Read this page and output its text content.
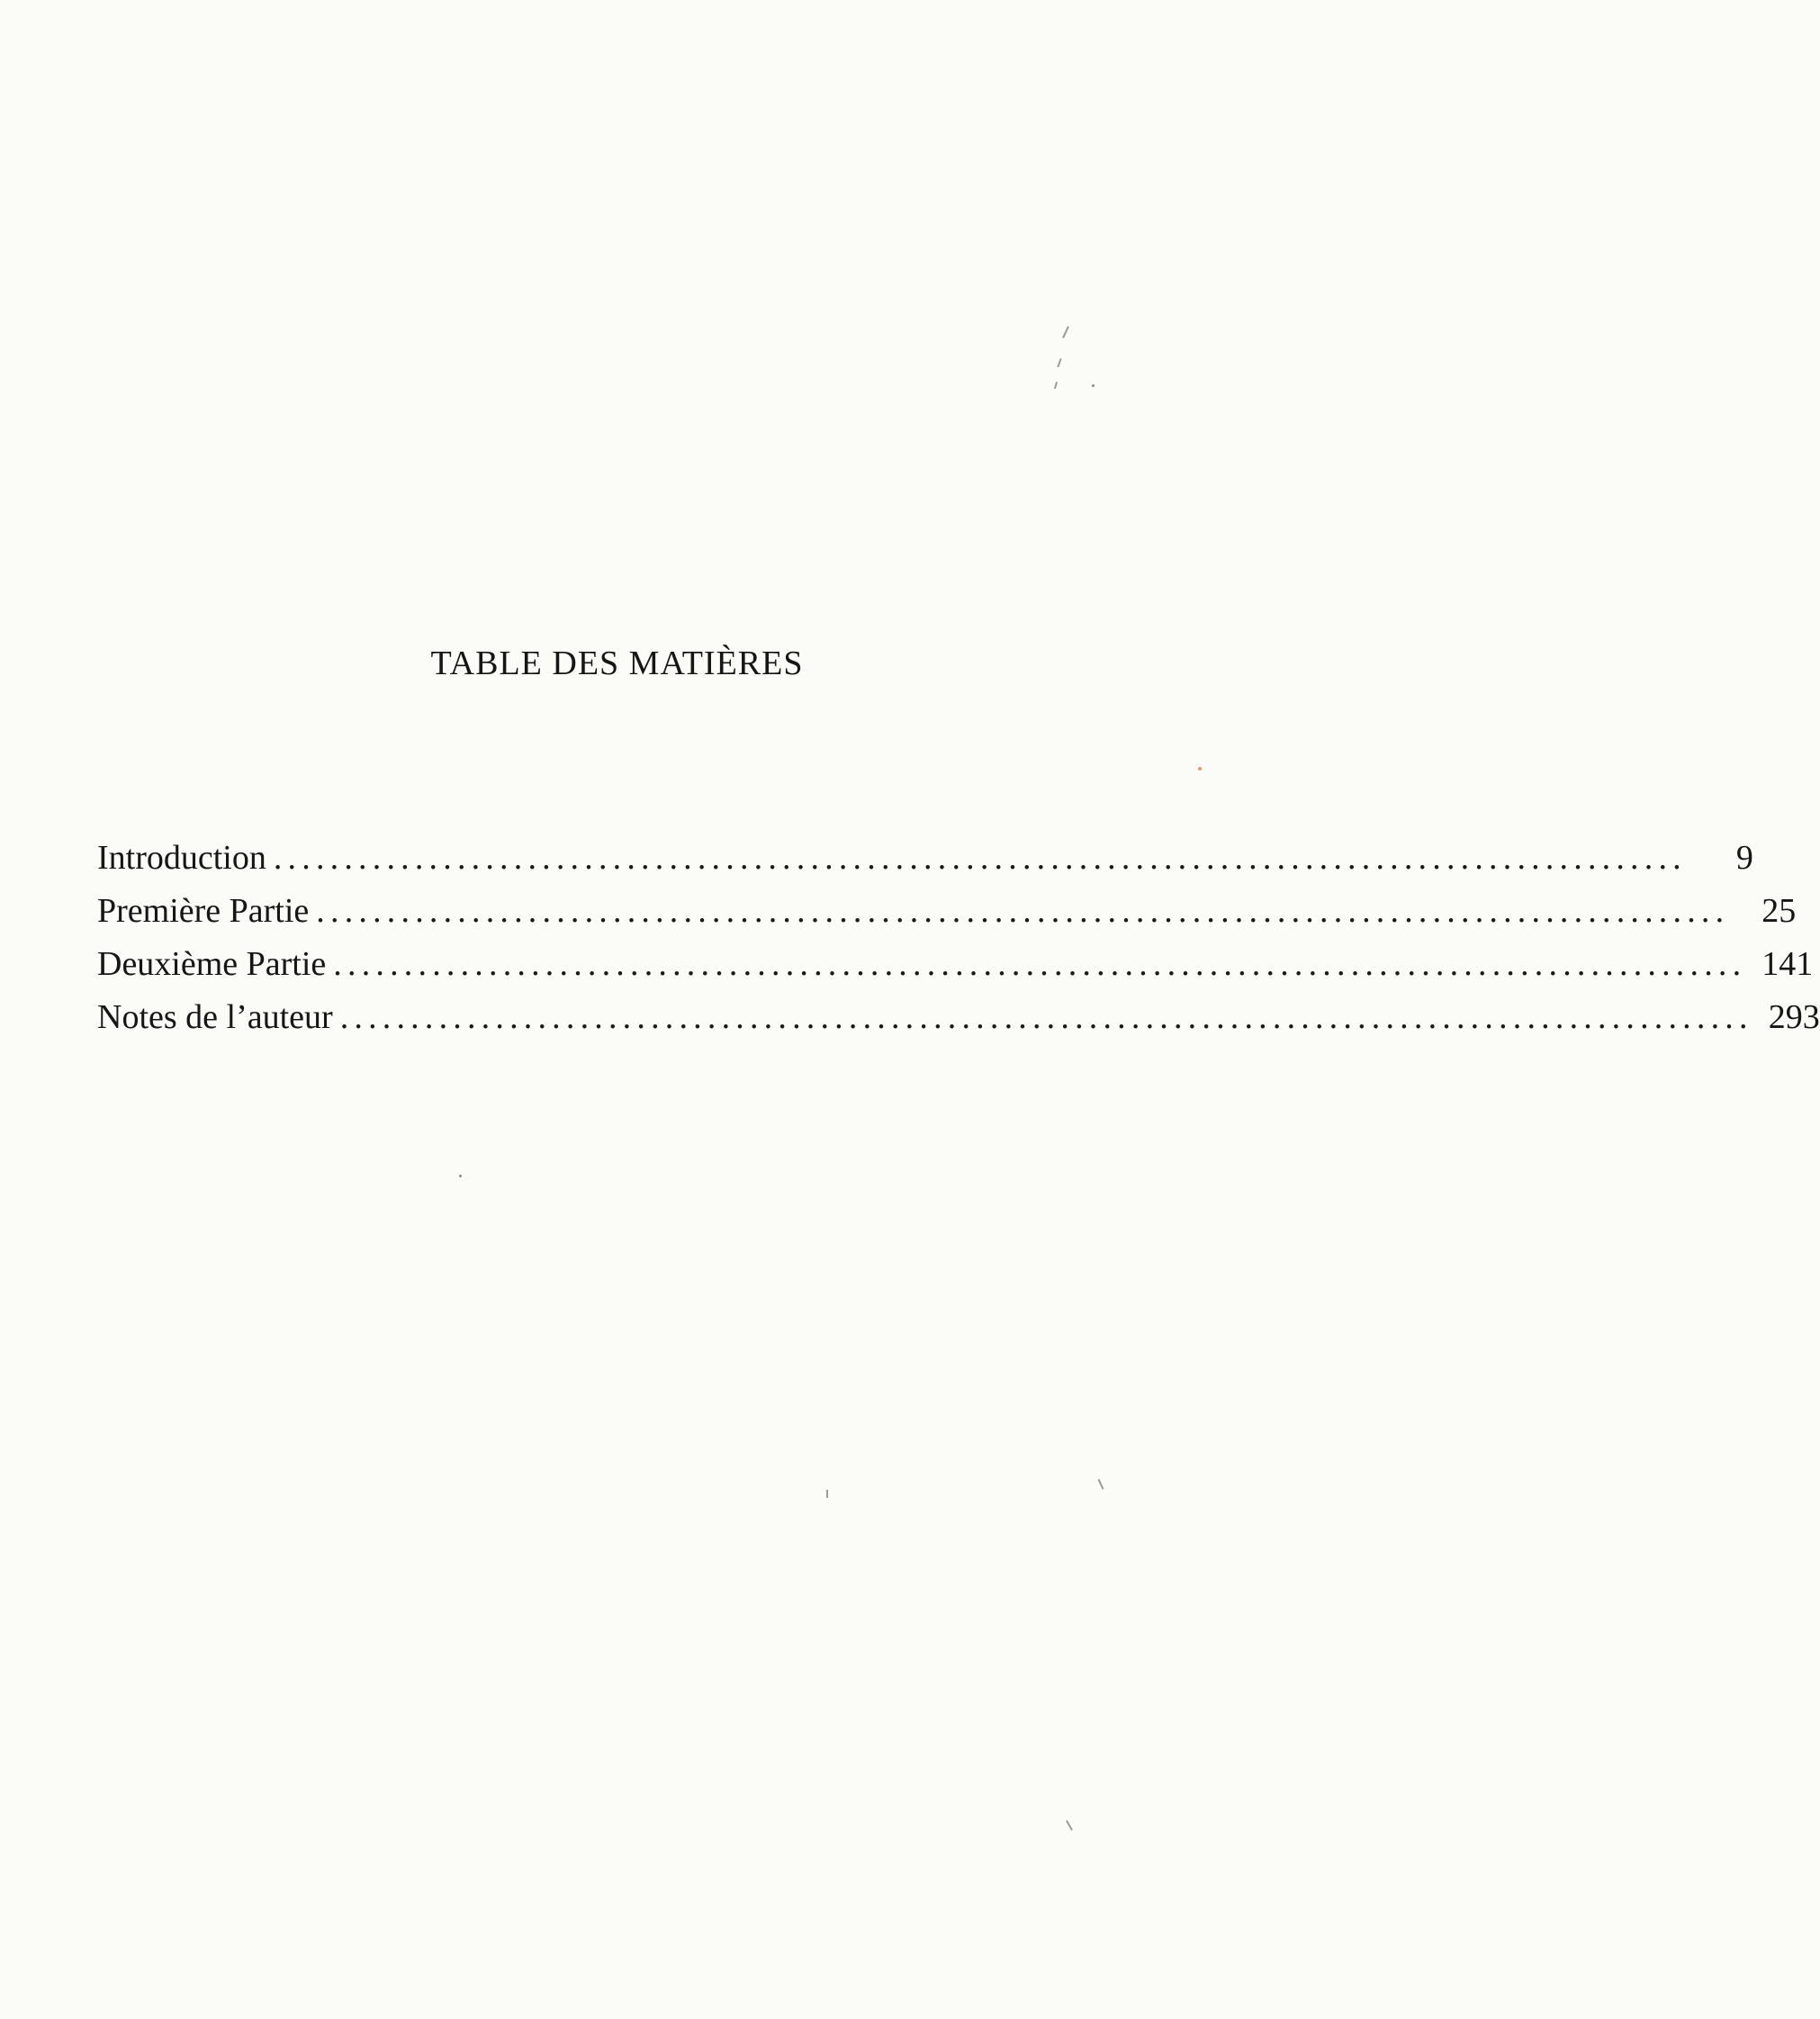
TABLE DES MATIÈRES
Introduction ....................................................................................................	9
Première Partie .................................................................................................... 25
Deuxième Partie .................................................................................................... 141
Notes de l’auteur .................................................................................................... 293
